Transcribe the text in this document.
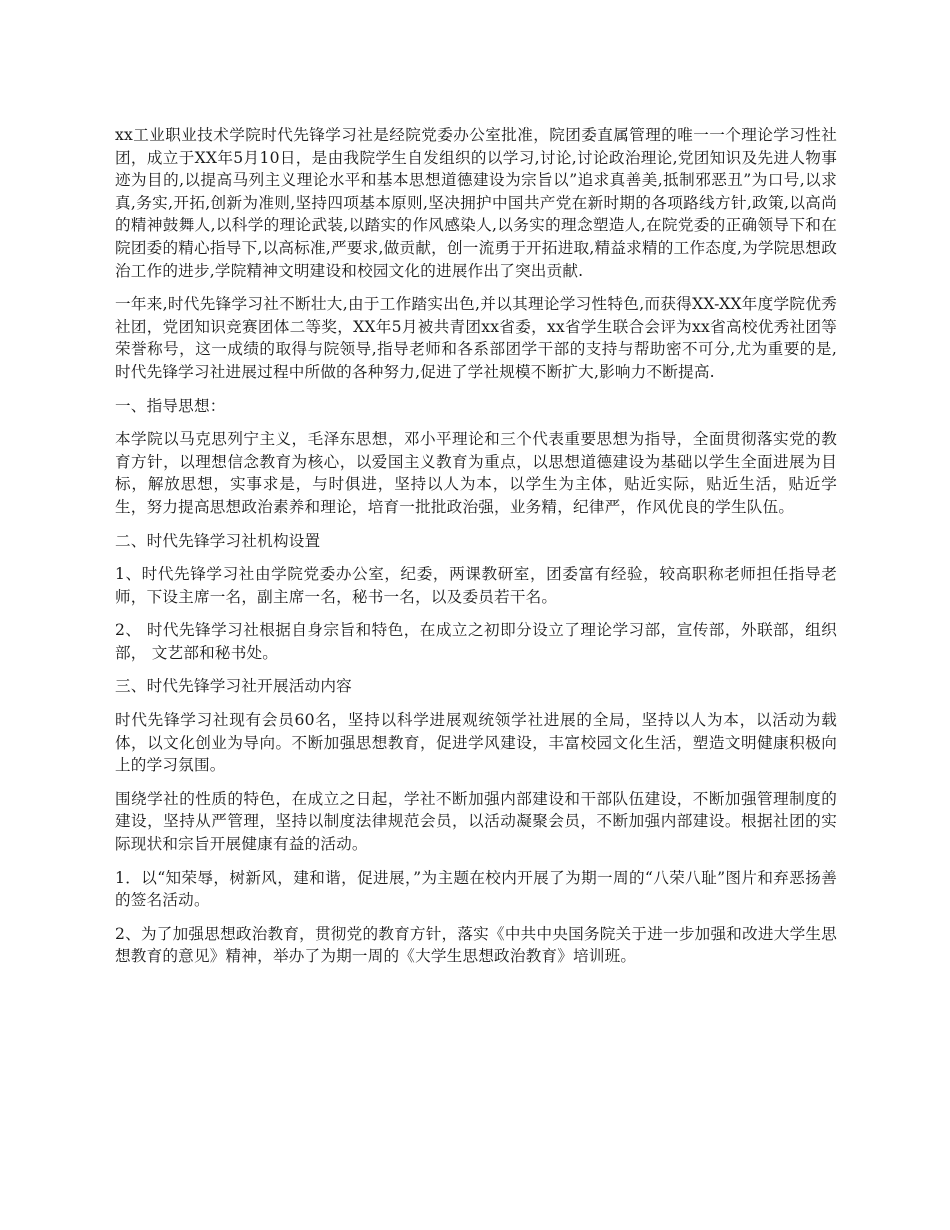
xx工业职业技术学院时代先锋学习社是经院党委办公室批准，院团委直属管理的唯一一个理论学习性社团，成立于XX年5月10日，是由我院学生自发组织的以学习,讨论,讨论政治理论,党团知识及先进人物事迹为目的,以提高马列主义理论水平和基本思想道德建设为宗旨以”追求真善美,抵制邪恶丑”为口号,以求真,务实,开拓,创新为准则,坚持四项基本原则,坚决拥护中国共产党在新时期的各项路线方针,政策,以高尚的精神鼓舞人,以科学的理论武装,以踏实的作风感染人,以务实的理念塑造人,在院党委的正确领导下和在院团委的精心指导下,以高标准,严要求,做贡献，创一流勇于开拓进取,精益求精的工作态度,为学院思想政治工作的进步,学院精神文明建设和校园文化的进展作出了突出贡献.

一年来,时代先锋学习社不断壮大,由于工作踏实出色,并以其理论学习性特色,而获得XX-XX年度学院优秀社团，党团知识竞赛团体二等奖，XX年5月被共青团xx省委，xx省学生联合会评为xx省高校优秀社团等荣誉称号，这一成绩的取得与院领导,指导老师和各系部团学干部的支持与帮助密不可分,尤为重要的是,时代先锋学习社进展过程中所做的各种努力,促进了学社规模不断扩大,影响力不断提高.

一、指导思想：

本学院以马克思列宁主义，毛泽东思想，邓小平理论和三个代表重要思想为指导，全面贯彻落实党的教育方针，以理想信念教育为核心，以爱国主义教育为重点，以思想道德建设为基础以学生全面进展为目标，解放思想，实事求是，与时俱进，坚持以人为本，以学生为主体，贴近实际，贴近生活，贴近学生，努力提高思想政治素养和理论，培育一批批政治强，业务精，纪律严，作风优良的学生队伍。

二、时代先锋学习社机构设置

1、时代先锋学习社由学院党委办公室，纪委，两课教研室，团委富有经验，较高职称老师担任指导老师，下设主席一名，副主席一名，秘书一名，以及委员若干名。

2、 时代先锋学习社根据自身宗旨和特色，在成立之初即分设立了理论学习部，宣传部，外联部，组织部， 文艺部和秘书处。

三、时代先锋学习社开展活动内容

时代先锋学习社现有会员60名，坚持以科学进展观统领学社进展的全局，坚持以人为本，以活动为载体，以文化创业为导向。不断加强思想教育，促进学风建设，丰富校园文化生活，塑造文明健康积极向上的学习氛围。

围绕学社的性质的特色，在成立之日起，学社不断加强内部建设和干部队伍建设，不断加强管理制度的建设，坚持从严管理，坚持以制度法律规范会员，以活动凝聚会员，不断加强内部建设。根据社团的实际现状和宗旨开展健康有益的活动。

1．以“知荣辱，树新风，建和谐，促进展，”为主题在校内开展了为期一周的“八荣八耻”图片和弃恶扬善的签名活动。

2、为了加强思想政治教育，贯彻党的教育方针，落实《中共中央国务院关于进一步加强和改进大学生思想教育的意见》精神，举办了为期一周的《大学生思想政治教育》培训班。
